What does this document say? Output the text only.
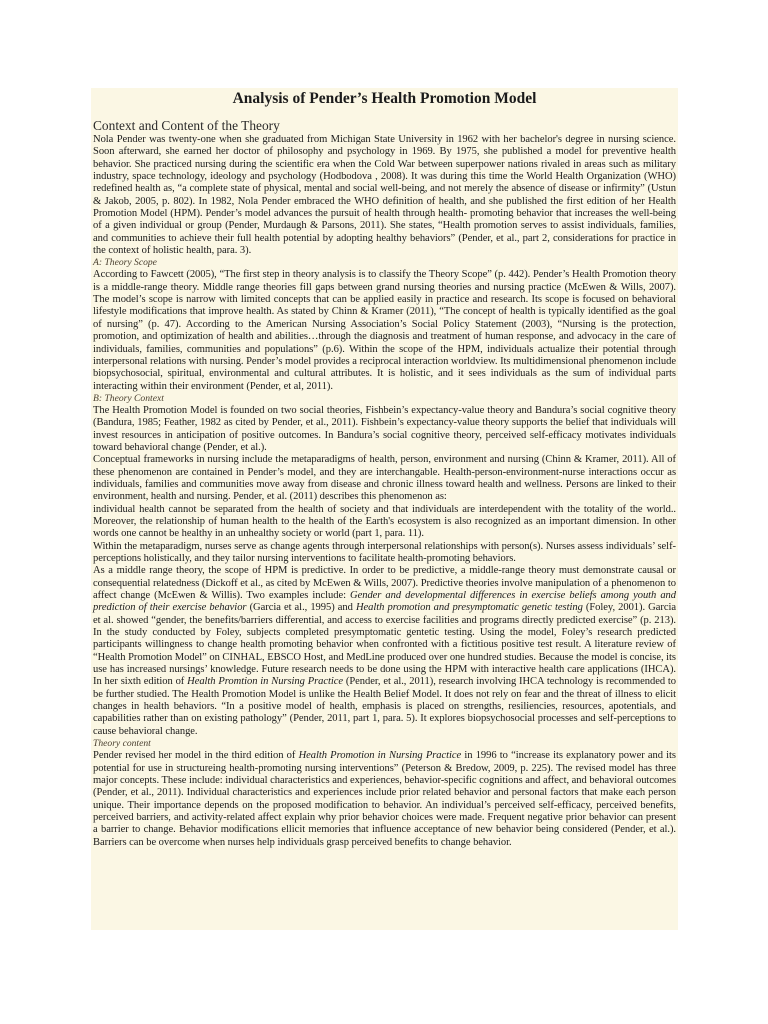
Analysis of Pender’s Health Promotion Model
Context and Content of the Theory

Nola Pender was twenty-one when she graduated from Michigan State University in 1962 with her bachelor's degree in nursing science. Soon afterward, she earned her doctor of philosophy and psychology in 1969. By 1975, she published a model for preventive health behavior. She practiced nursing during the scientific era when the Cold War between superpower nations rivaled in areas such as military industry, space technology, ideology and psychology (Hodbodova , 2008). It was during this time the World Health Organization (WHO) redefined health as, “a complete state of physical, mental and social well-being, and not merely the absence of disease or infirmity” (Ustun & Jakob, 2005, p. 802). In 1982, Nola Pender embraced the WHO definition of health, and she published the first edition of her Health Promotion Model (HPM). Pender’s model advances the pursuit of health through health- promoting behavior that increases the well-being of a given individual or group (Pender, Murdaugh & Parsons, 2011). She states, “Health promotion serves to assist individuals, families, and communities to achieve their full health potential by adopting healthy behaviors” (Pender, et al., part 2, considerations for practice in the context of holistic health, para. 3).

A: Theory Scope

According to Fawcett (2005), “The first step in theory analysis is to classify the Theory Scope” (p. 442). Pender’s Health Promotion theory is a middle-range theory. Middle range theories fill gaps between grand nursing theories and nursing practice (McEwen & Wills, 2007). The model’s scope is narrow with limited concepts that can be applied easily in practice and research. Its scope is focused on behavioral lifestyle modifications that improve health. As stated by Chinn & Kramer (2011), “The concept of health is typically identified as the goal of nursing” (p. 47). According to the American Nursing Association’s Social Policy Statement (2003), “Nursing is the protection, promotion, and optimization of health and abilities…through the diagnosis and treatment of human response, and advocacy in the care of individuals, families, communities and populations” (p.6). Within the scope of the HPM, individuals actualize their potential through interpersonal relations with nursing. Pender’s model provides a reciprocal interaction worldview. Its multidimensional phenomenon include biopsychosocial, spiritual, environmental and cultural attributes. It is holistic, and it sees individuals as the sum of individual parts interacting within their environment (Pender, et al, 2011).

B: Theory Context

The Health Promotion Model is founded on two social theories, Fishbein’s expectancy-value theory and Bandura’s social cognitive theory (Bandura, 1985; Feather, 1982 as cited by Pender, et al., 2011). Fishbein’s expectancy-value theory supports the belief that individuals will invest resources in anticipation of positive outcomes. In Bandura’s social cognitive theory, perceived self-efficacy motivates individuals toward behavioral change (Pender, et al.).

Conceptual frameworks in nursing include the metaparadigms of health, person, environment and nursing (Chinn & Kramer, 2011). All of these phenomenon are contained in Pender’s model, and they are interchangable. Health-person-environment-nurse interactions occur as individuals, families and communities move away from disease and chronic illness toward health and wellness. Persons are linked to their environment, health and nursing. Pender, et al. (2011) describes this phenomenon as:

individual health cannot be separated from the health of society and that individuals are interdependent with the totality of the world.. Moreover, the relationship of human health to the health of the Earth's ecosystem is also recognized as an important dimension. In other words one cannot be healthy in an unhealthy society or world (part 1, para. 11).

Within the metaparadigm, nurses serve as change agents through interpersonal relationships with person(s). Nurses assess individuals’ self-perceptions holistically, and they tailor nursing interventions to facilitate health-promoting behaviors.

As a middle range theory, the scope of HPM is predictive. In order to be predictive, a middle-range theory must demonstrate causal or consequential relatedness (Dickoff et al., as cited by McEwen & Wills, 2007). Predictive theories involve manipulation of a phenomenon to affect change (McEwen & Willis). Two examples include: Gender and developmental differences in exercise beliefs among youth and prediction of their exercise behavior (Garcia et al., 1995) and Health promotion and presymptomatic genetic testing (Foley, 2001). Garcia et al. showed “gender, the benefits/barriers differential, and access to exercise facilities and programs directly predicted exercise” (p. 213). In the study conducted by Foley, subjects completed presymptomatic gentetic testing. Using the model, Foley’s research predicted participants willingness to change health promoting behavior when confronted with a fictitious positive test result. A literature review of “Health Promotion Model” on CINHAL, EBSCO Host, and MedLine produced over one hundred studies. Because the model is concise, its use has increased nursings’ knowledge. Future research needs to be done using the HPM with interactive health care applications (IHCA). In her sixth edition of Health Promtion in Nursing Practice (Pender, et al., 2011), research involving IHCA technology is recommended to be further studied. The Health Promotion Model is unlike the Health Belief Model. It does not rely on fear and the threat of illness to elicit changes in health behaviors. “In a positive model of health, emphasis is placed on strengths, resiliencies, resources, apotentials, and capabilities rather than on existing pathology” (Pender, 2011, part 1, para. 5). It explores biopsychosocial processes and self-perceptions to cause behavioral change.

Theory content

Pender revised her model in the third edition of Health Promotion in Nursing Practice in 1996 to “increase its explanatory power and its potential for use in structureing health-promoting nursing interventions” (Peterson & Bredow, 2009, p. 225). The revised model has three major concepts. These include: individual characteristics and experiences, behavior-specific cognitions and affect, and behavioral outcomes (Pender, et al., 2011). Individual characteristics and experiences include prior related behavior and personal factors that make each person unique. Their importance depends on the proposed modification to behavior. An individual’s perceived self-efficacy, perceived benefits, perceived barriers, and activity-related affect explain why prior behavior choices were made. Frequent negative prior behavior can present a barrier to change. Behavior modifications ellicit memories that influence acceptance of new behavior being considered (Pender, et al.). Barriers can be overcome when nurses help individuals grasp perceived benefits to change behavior.
